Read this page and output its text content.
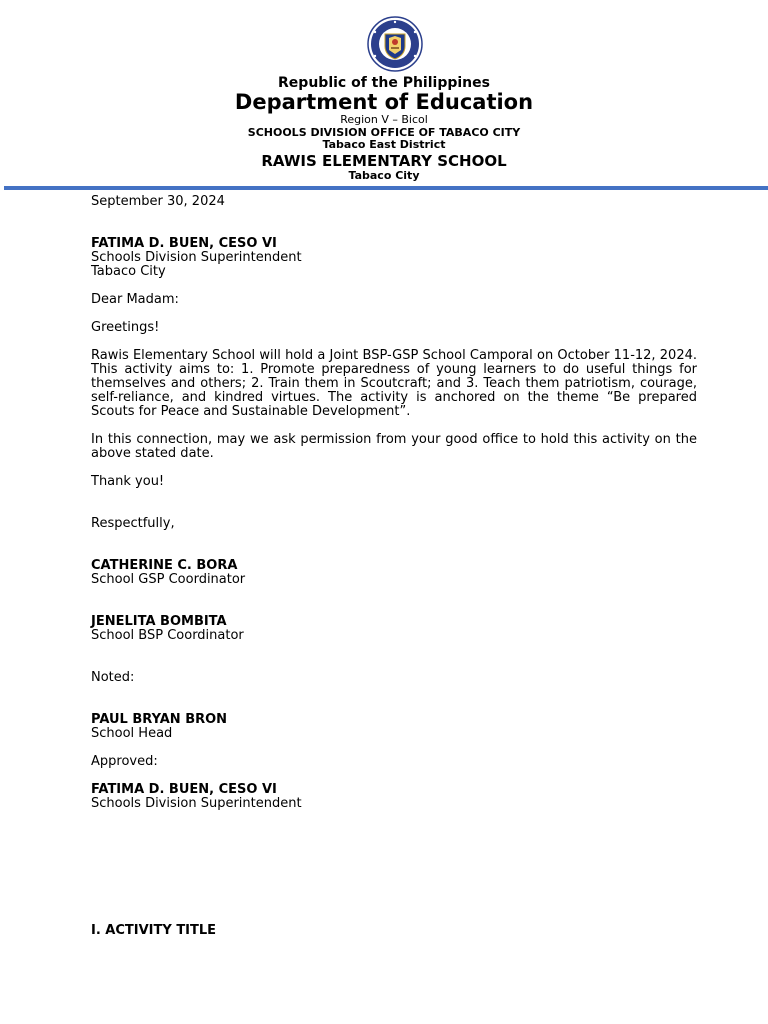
Republic of the Philippines
Department of Education
Region V – Bicol
SCHOOLS DIVISION OFFICE OF TABACO CITY
Tabaco East District
RAWIS ELEMENTARY SCHOOL
Tabaco City
September 30, 2024
FATIMA D. BUEN, CESO VI
Schools Division Superintendent
Tabaco City
Dear Madam:
Greetings!

Rawis Elementary School will hold a Joint BSP-GSP School Camporal on October 11-12, 2024. This activity aims to: 1. Promote preparedness of young learners to do useful things for themselves and others; 2. Train them in Scoutcraft; and 3. Teach them patriotism, courage, self-reliance, and kindred virtues. The activity is anchored on the theme “Be prepared Scouts for Peace and Sustainable Development”.

In this connection, may we ask permission from your good office to hold this activity on the above stated date.

Thank you!
Respectfully,
CATHERINE C. BORA
School GSP Coordinator
JENELITA BOMBITA
School BSP Coordinator
Noted:
PAUL BRYAN BRON
School Head
Approved:
FATIMA D. BUEN, CESO VI
Schools Division Superintendent
I. ACTIVITY TITLE
